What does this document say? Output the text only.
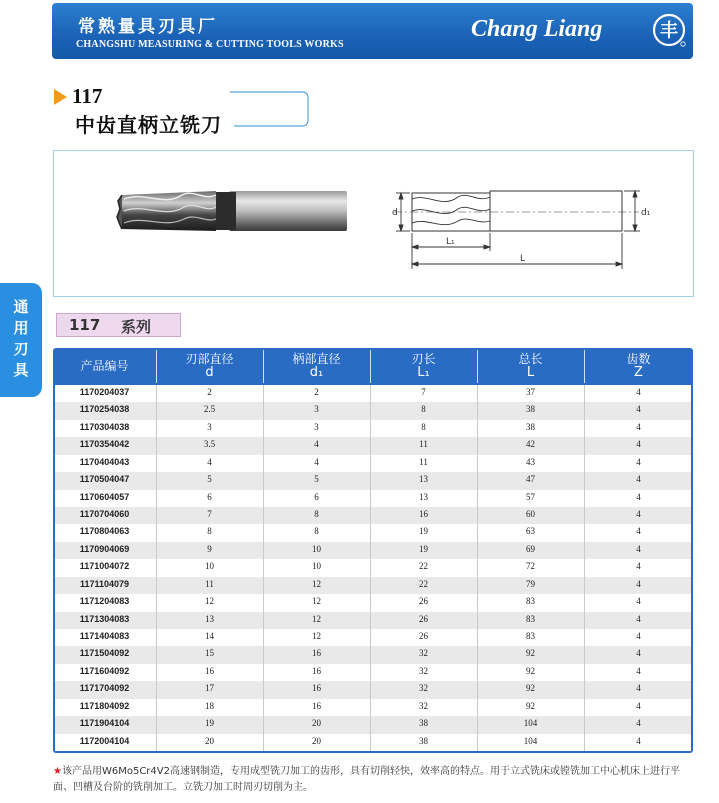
常熟量具刃具厂
CHANGSHU MEASURING & CUTTING TOOLS WORKS
Chang Liang	丰
117
中齿直柄立铣刀
d	d₁
L₁
L
通
用
刃
具
117 系列
产品编号	刃部直径
d
柄部直径
d₁
刃长
L₁
总长
L
齿数
Z
1170204037	2	2	7	37	4
1170254038	2.5	3	8	38	4
1170304038	3	3	8	38	4
1170354042	3.5	4	11	42	4
1170404043	4	4	11	43	4
1170504047	5	5	13	47	4
1170604057	6	6	13	57	4
1170704060	7	8	16	60	4
1170804063	8	8	19	63	4
1170904069	9	10	19	69	4
1171004072	10	10	22	72	4
1171104079	11	12	22	79	4
1171204083	12	12	26	83	4
1171304083	13	12	26	83	4
1171404083	14	12	26	83	4
1171504092	15	16	32	92	4
1171604092	16	16	32	92	4
1171704092	17	16	32	92	4
1171804092	18	16	32	92	4
1171904104	19	20	38	104	4
1172004104	20	20	38	104	4
★该产品用W6Mo5Cr4V2高速钢制造，专用成型铣刀加工的齿形，具有切削轻快，效率高的特点。用于立式铣床或镗铣加工中心机床上进行平
面、凹槽及台阶的铣削加工。立铣刀加工时周刃切削为主。
